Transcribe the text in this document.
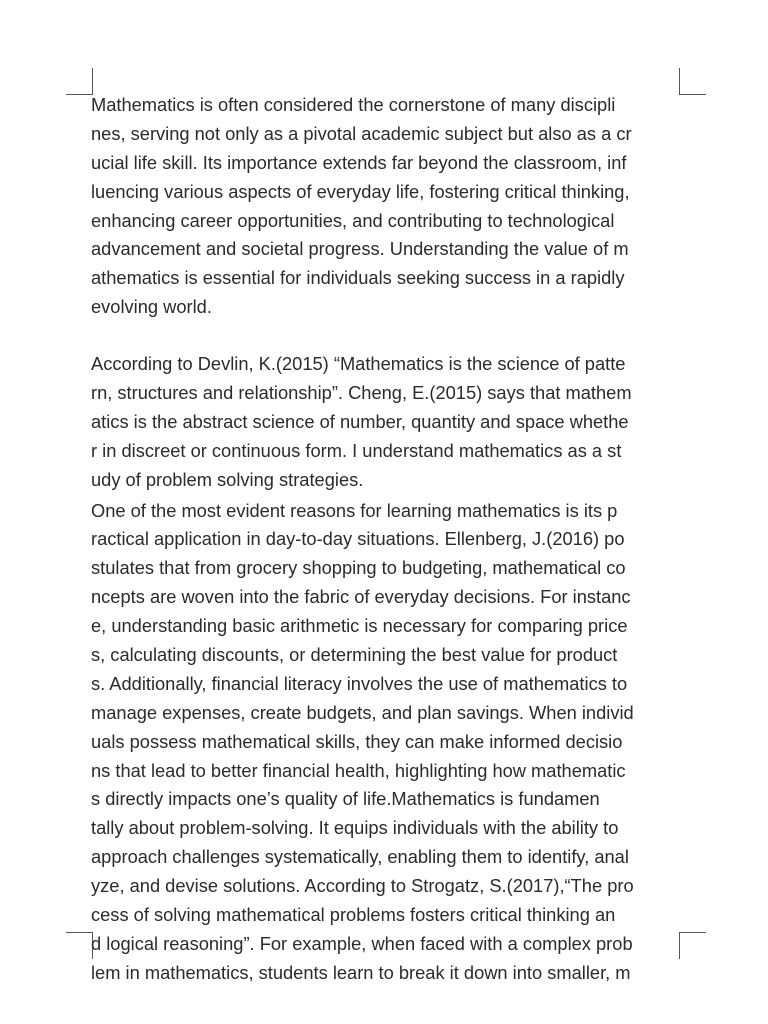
Mathematics is often considered the cornerstone of many discipli
nes, serving not only as a pivotal academic subject but also as a cr
ucial life skill. Its importance extends far beyond the classroom, inf
luencing various aspects of everyday life, fostering critical thinking,
enhancing career opportunities, and contributing to technological
advancement and societal progress. Understanding the value of m
athematics is essential for individuals seeking success in a rapidly
evolving world.
According to Devlin, K.(2015) “Mathematics is the science of patte
rn, structures and relationship”. Cheng, E.(2015) says that mathem
atics is the abstract science of number, quantity and space whethe
r in discreet or continuous form. I understand mathematics as a st
udy of problem solving strategies.
One of the most evident reasons for learning mathematics is its p
ractical application in day-to-day situations. Ellenberg, J.(2016) po
stulates that from grocery shopping to budgeting, mathematical co
ncepts are woven into the fabric of everyday decisions. For instanc
e, understanding basic arithmetic is necessary for comparing price
s, calculating discounts, or determining the best value for product
s. Additionally, financial literacy involves the use of mathematics to
manage expenses, create budgets, and plan savings. When individ
uals possess mathematical skills, they can make informed decisio
ns that lead to better financial health, highlighting how mathematic
s directly impacts one’s quality of life.Mathematics is fundamen
tally about problem-solving. It equips individuals with the ability to
approach challenges systematically, enabling them to identify, anal
yze, and devise solutions. According to Strogatz, S.(2017),“The pro
cess of solving mathematical problems fosters critical thinking an
d logical reasoning”. For example, when faced with a complex prob
lem in mathematics, students learn to break it down into smaller, m
